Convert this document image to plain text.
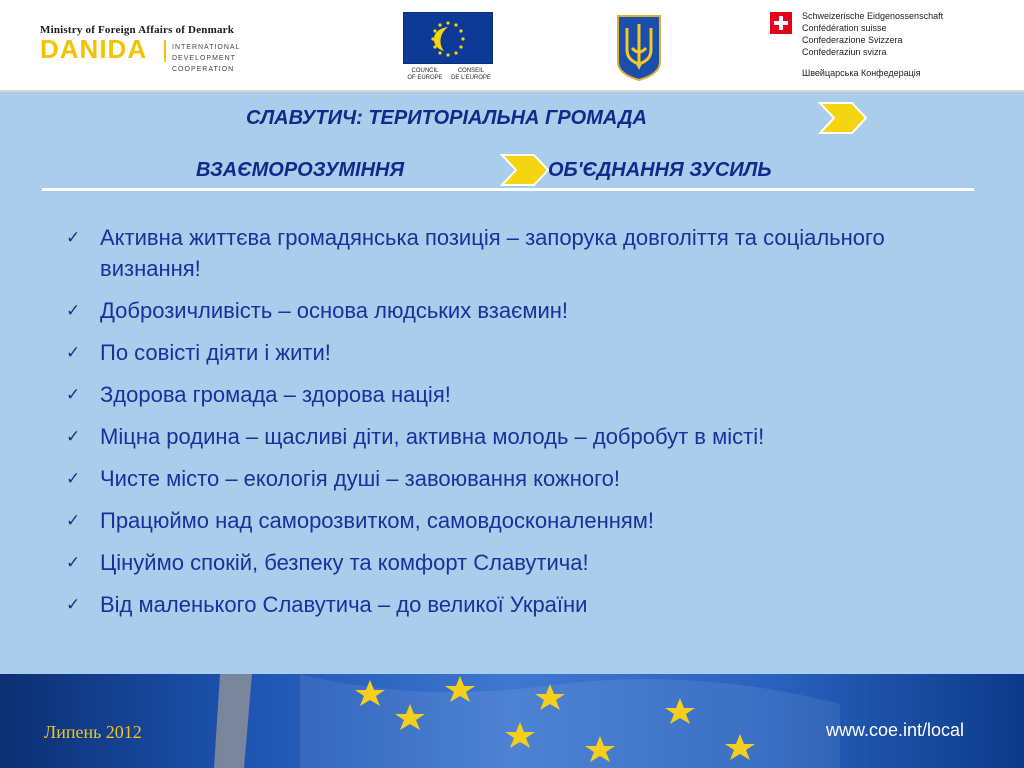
Ministry of Foreign Affairs of Denmark
DANIDA	INTERNATIONAL
DEVELOPMENT COOPERATION	COUNCIL
OF EUROPE
CONSEIL
DE L'EUROPE
Schweizerische Eidgenossenschaft
Confédération suisse
Confederazione Svizzera
Confederaziun svizra
Швейцарська Конфедерація
СЛАВУТИЧ: ТЕРИТОРІАЛЬНА ГРОМАДА
ВЗАЄМОРОЗУМІННЯ	ОБ'ЄДНАННЯ ЗУСИЛЬ
✓ Активна життєва громадянська позиція – запорука довголіття та соціального визнання!
✓ Доброзичливість – основа людських взаємин!
✓ По совісті діяти і жити!
✓ Здорова громада – здорова нація!
✓ Міцна родина – щасливі діти, активна молодь – добробут в місті!
✓ Чисте місто – екологія душі – завоювання кожного!
✓ Працюймо над саморозвитком, самовдосконаленням!
✓ Цінуймо спокій, безпеку та комфорт Славутича!
✓ Від маленького Славутича – до великої України
Липень 2012	www.coe.int/local
